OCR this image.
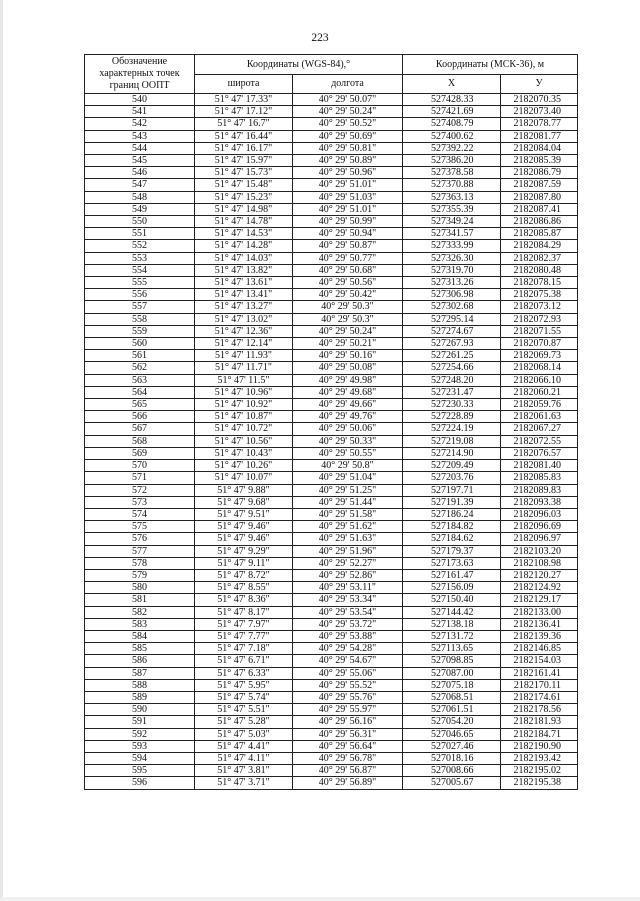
223
Обозначение характерных точек границ ООПТ	Координаты (WGS-84),°		Координаты (МСК-36), м	
	широта	долгота	X	У
540	51° 47' 17.33"	40° 29' 50.07"	527428.33	2182070.35
541	51° 47' 17.12"	40° 29' 50.24"	527421.69	2182073.40
542	51° 47' 16.7"	40° 29' 50.52"	527408.79	2182078.77
543	51° 47' 16.44"	40° 29' 50.69"	527400.62	2182081.77
544	51° 47' 16.17"	40° 29' 50.81"	527392.22	2182084.04
545	51° 47' 15.97"	40° 29' 50.89"	527386.20	2182085.39
546	51° 47' 15.73"	40° 29' 50.96"	527378.58	2182086.79
547	51° 47' 15.48"	40° 29' 51.01"	527370.88	2182087.59
548	51° 47' 15.23"	40° 29' 51.03"	527363.13	2182087.80
549	51° 47' 14.98"	40° 29' 51.01"	527355.39	2182087.41
550	51° 47' 14.78"	40° 29' 50.99"	527349.24	2182086.86
551	51° 47' 14.53"	40° 29' 50.94"	527341.57	2182085.87
552	51° 47' 14.28"	40° 29' 50.87"	527333.99	2182084.29
553	51° 47' 14.03"	40° 29' 50.77"	527326.30	2182082.37
554	51° 47' 13.82"	40° 29' 50.68"	527319.70	2182080.48
555	51° 47' 13.61"	40° 29' 50.56"	527313.26	2182078.15
556	51° 47' 13.41"	40° 29' 50.42"	527306.98	2182075.38
557	51° 47' 13.27"	40° 29' 50.3"	527302.68	2182073.12
558	51° 47' 13.02"	40° 29' 50.3"	527295.14	2182072.93
559	51° 47' 12.36"	40° 29' 50.24"	527274.67	2182071.55
560	51° 47' 12.14"	40° 29' 50.21"	527267.93	2182070.87
561	51° 47' 11.93"	40° 29' 50.16"	527261.25	2182069.73
562	51° 47' 11.71"	40° 29' 50.08"	527254.66	2182068.14
563	51° 47' 11.5"	40° 29' 49.98"	527248.20	2182066.10
564	51° 47' 10.96"	40° 29' 49.68"	527231.47	2182060.21
565	51° 47' 10.92"	40° 29' 49.66"	527230.33	2182059.76
566	51° 47' 10.87"	40° 29' 49.76"	527228.89	2182061.63
567	51° 47' 10.72"	40° 29' 50.06"	527224.19	2182067.27
568	51° 47' 10.56"	40° 29' 50.33"	527219.08	2182072.55
569	51° 47' 10.43"	40° 29' 50.55"	527214.90	2182076.57
570	51° 47' 10.26"	40° 29' 50.8"	527209.49	2182081.40
571	51° 47' 10.07"	40° 29' 51.04"	527203.76	2182085.83
572	51° 47' 9.88"	40° 29' 51.25"	527197.71	2182089.83
573	51° 47' 9.68"	40° 29' 51.44"	527191.39	2182093.38
574	51° 47' 9.51"	40° 29' 51.58"	527186.24	2182096.03
575	51° 47' 9.46"	40° 29' 51.62"	527184.82	2182096.69
576	51° 47' 9.46"	40° 29' 51.63"	527184.62	2182096.97
577	51° 47' 9.29"	40° 29' 51.96"	527179.37	2182103.20
578	51° 47' 9.11"	40° 29' 52.27"	527173.63	2182108.98
579	51° 47' 8.72"	40° 29' 52.86"	527161.47	2182120.27
580	51° 47' 8.55"	40° 29' 53.11"	527156.09	2182124.92
581	51° 47' 8.36"	40° 29' 53.34"	527150.40	2182129.17
582	51° 47' 8.17"	40° 29' 53.54"	527144.42	2182133.00
583	51° 47' 7.97"	40° 29' 53.72"	527138.18	2182136.41
584	51° 47' 7.77"	40° 29' 53.88"	527131.72	2182139.36
585	51° 47' 7.18"	40° 29' 54.28"	527113.65	2182146.85
586	51° 47' 6.71"	40° 29' 54.67"	527098.85	2182154.03
587	51° 47' 6.33"	40° 29' 55.06"	527087.00	2182161.41
588	51° 47' 5.95"	40° 29' 55.52"	527075.18	2182170.11
589	51° 47' 5.74"	40° 29' 55.76"	527068.51	2182174.61
590	51° 47' 5.51"	40° 29' 55.97"	527061.51	2182178.56
591	51° 47' 5.28"	40° 29' 56.16"	527054.20	2182181.93
592	51° 47' 5.03"	40° 29' 56.31"	527046.65	2182184.71
593	51° 47' 4.41"	40° 29' 56.64"	527027.46	2182190.90
594	51° 47' 4.11"	40° 29' 56.78"	527018.16	2182193.42
595	51° 47' 3.81"	40° 29' 56.87"	527008.66	2182195.02
596	51° 47' 3.71"	40° 29' 56.89"	527005.67	2182195.38
